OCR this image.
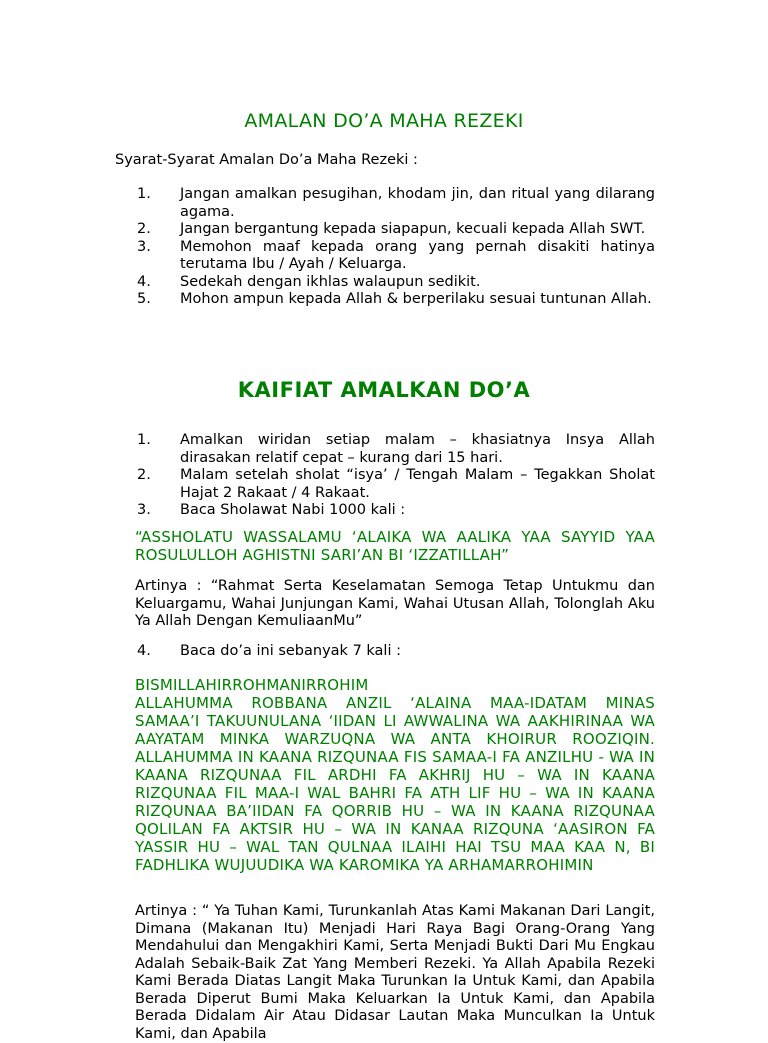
AMALAN DO’A MAHA REZEKI
Syarat-Syarat Amalan Do’a Maha Rezeki :
1. Jangan amalkan pesugihan, khodam jin, dan ritual yang dilarang agama.
2. Jangan bergantung kepada siapapun, kecuali kepada Allah SWT.
3. Memohon maaf kepada orang yang pernah disakiti hatinya terutama Ibu / Ayah / Keluarga.
4. Sedekah dengan ikhlas walaupun sedikit.
5. Mohon ampun kepada Allah & berperilaku sesuai tuntunan Allah.
KAIFIAT AMALKAN DO’A
1. Amalkan wiridan setiap malam – khasiatnya Insya Allah dirasakan relatif cepat – kurang dari 15 hari.
2. Malam setelah sholat “isya’ / Tengah Malam – Tegakkan Sholat Hajat 2 Rakaat / 4 Rakaat.
3. Baca Sholawat Nabi 1000 kali :
“ASSHOLATU WASSALAMU ‘ALAIKA WA AALIKA YAA SAYYID YAA ROSULULLOH AGHISTNI SARI’AN BI ‘IZZATILLAH”
Artinya : “Rahmat Serta Keselamatan Semoga Tetap Untukmu dan Keluargamu, Wahai Junjungan Kami, Wahai Utusan Allah, Tolonglah Aku Ya Allah Dengan KemuliaanMu”
4. Baca do’a ini sebanyak 7 kali :
BISMILLAHIRROHMANIRROHIM
ALLAHUMMA ROBBANA ANZIL ‘ALAINA MAA-IDATAM MINAS SAMAA’I TAKUUNULANA ‘IIDAN LI AWWALINA WA AAKHIRINAA WA AAYATAM MINKA WARZUQNA WA ANTA KHOIRUR ROOZIQIN. ALLAHUMMA IN KAANA RIZQUNAA FIS SAMAA-I FA ANZILHU - WA IN KAANA RIZQUNAA FIL ARDHI FA AKHRIJ HU – WA IN KAANA RIZQUNAA FIL MAA-I WAL BAHRI FA ATH LIF HU – WA IN KAANA RIZQUNAA BA’IIDAN FA QORRIB HU – WA IN KAANA RIZQUNAA QOLILAN FA AKTSIR HU – WA IN KANAA RIZQUNA ‘AASIRON FA YASSIR HU – WAL TAN QULNAA ILAIHI HAI TSU MAA KAA N, BI FADHLIKA WUJUUDIKA WA KAROMIKA YA ARHAMARROHIMIN
Artinya : “ Ya Tuhan Kami, Turunkanlah Atas Kami Makanan Dari Langit, Dimana (Makanan Itu) Menjadi Hari Raya Bagi Orang-Orang Yang Mendahului dan Mengakhiri Kami, Serta Menjadi Bukti Dari Mu Engkau Adalah Sebaik-Baik Zat Yang Memberi Rezeki. Ya Allah Apabila Rezeki Kami Berada Diatas Langit Maka Turunkan Ia Untuk Kami, dan Apabila Berada Diperut Bumi Maka Keluarkan Ia Untuk Kami, dan Apabila Berada Didalam Air Atau Didasar Lautan Maka Munculkan Ia Untuk Kami, dan Apabila
